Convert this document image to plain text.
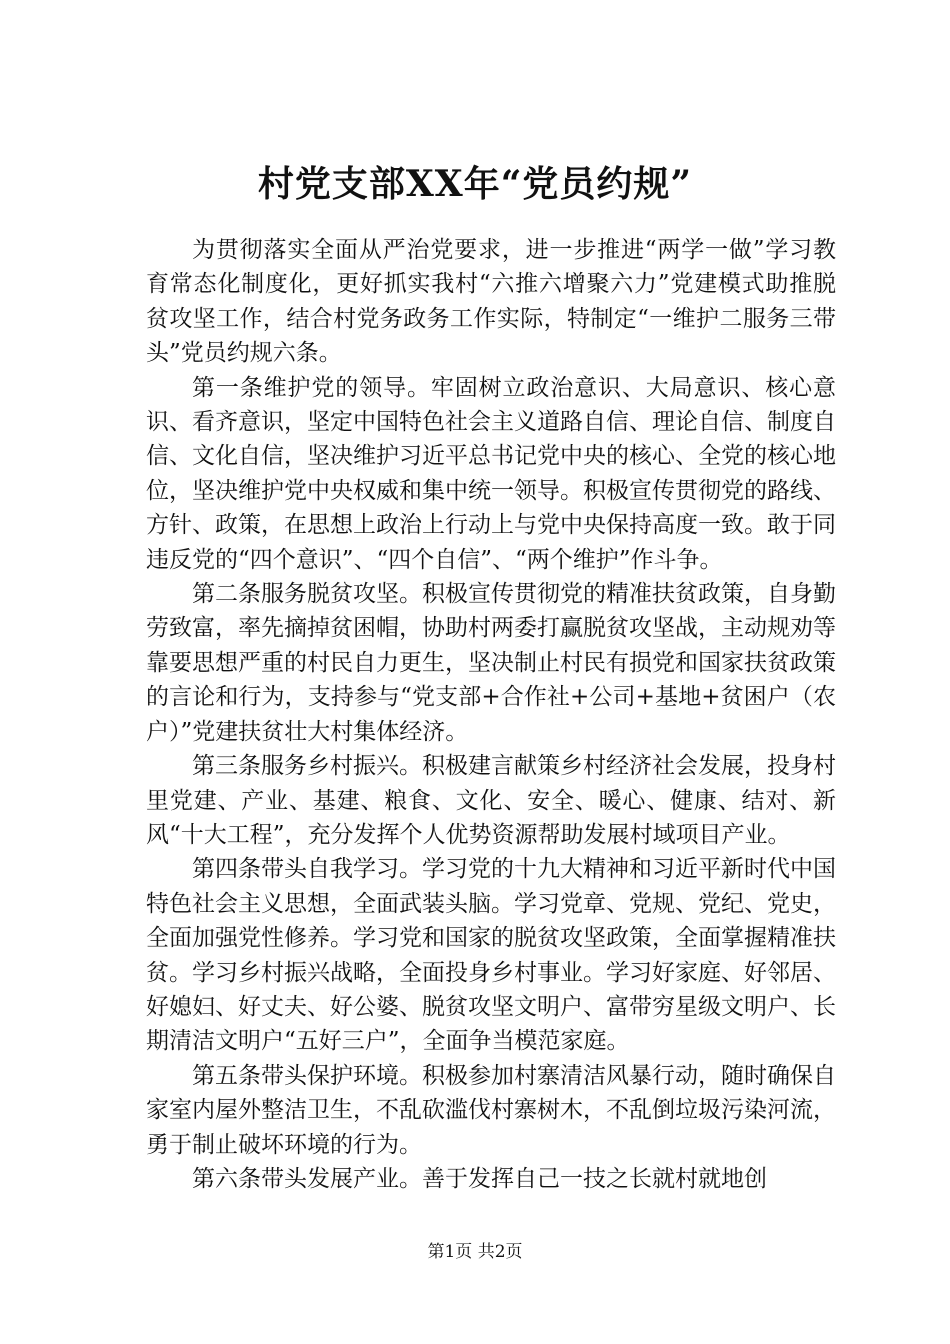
村党支部XX年“党员约规”

为贯彻落实全面从严治党要求，进一步推进“两学一做”学习教育常态化制度化，更好抓实我村“六推六增聚六力”党建模式助推脱贫攻坚工作，结合村党务政务工作实际，特制定“一维护二服务三带头”党员约规六条。

第一条维护党的领导。牢固树立政治意识、大局意识、核心意识、看齐意识，坚定中国特色社会主义道路自信、理论自信、制度自信、文化自信，坚决维护习近平总书记党中央的核心、全党的核心地位，坚决维护党中央权威和集中统一领导。积极宣传贯彻党的路线、方针、政策，在思想上政治上行动上与党中央保持高度一致。敢于同违反党的“四个意识”、“四个自信”、“两个维护”作斗争。

第二条服务脱贫攻坚。积极宣传贯彻党的精准扶贫政策，自身勤劳致富，率先摘掉贫困帽，协助村两委打赢脱贫攻坚战，主动规劝等靠要思想严重的村民自力更生，坚决制止村民有损党和国家扶贫政策的言论和行为，支持参与“党支部+合作社+公司+基地+贫困户（农户）”党建扶贫壮大村集体经济。

第三条服务乡村振兴。积极建言献策乡村经济社会发展，投身村里党建、产业、基建、粮食、文化、安全、暖心、健康、结对、新风“十大工程”，充分发挥个人优势资源帮助发展村域项目产业。

第四条带头自我学习。学习党的十九大精神和习近平新时代中国特色社会主义思想，全面武装头脑。学习党章、党规、党纪、党史，全面加强党性修养。学习党和国家的脱贫攻坚政策，全面掌握精准扶贫。学习乡村振兴战略，全面投身乡村事业。学习好家庭、好邻居、好媳妇、好丈夫、好公婆、脱贫攻坚文明户、富带穷星级文明户、长期清洁文明户“五好三户”，全面争当模范家庭。

第五条带头保护环境。积极参加村寨清洁风暴行动，随时确保自家室内屋外整洁卫生，不乱砍滥伐村寨树木，不乱倒垃圾污染河流，勇于制止破坏环境的行为。

第六条带头发展产业。善于发挥自己一技之长就村就地创

第1页 共2页
